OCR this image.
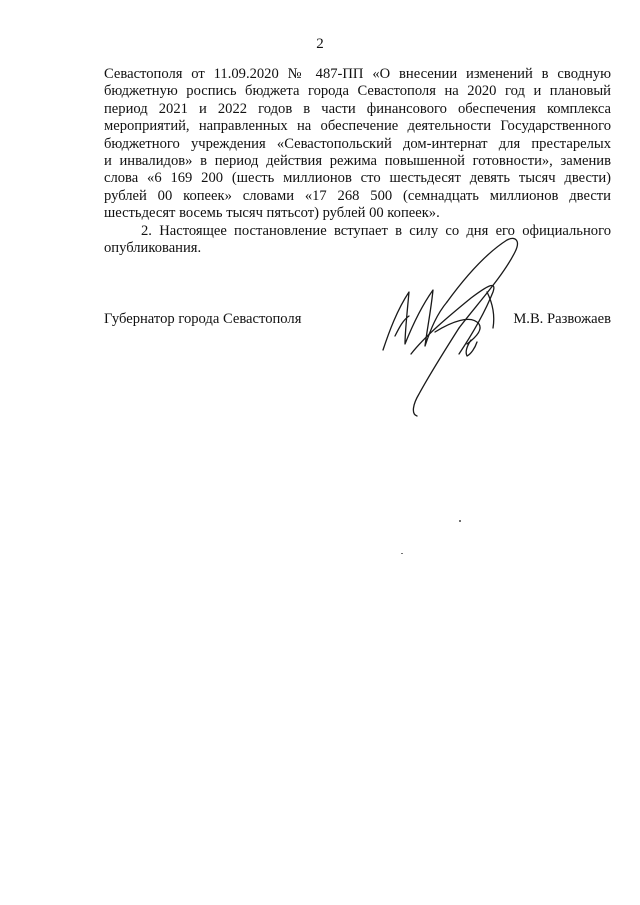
2
Севастополя от 11.09.2020 № 487-ПП «О внесении изменений в сводную
бюджетную роспись бюджета города Севастополя на 2020 год и плановый
период 2021 и 2022 годов в части финансового обеспечения комплекса
мероприятий, направленных на обеспечение деятельности Государственного
бюджетного учреждения «Севастопольский дом-интернат для престарелых
и инвалидов» в период действия режима повышенной готовности», заменив
слова «6 169 200 (шесть миллионов сто шестьдесят девять тысяч двести)
рублей 00 копеек» словами «17 268 500 (семнадцать миллионов двести
шестьдесят восемь тысяч пятьсот) рублей 00 копеек».
2. Настоящее постановление вступает в силу со дня его официального
опубликования.
Губернатор города Севастополя	М.В. Развожаев
